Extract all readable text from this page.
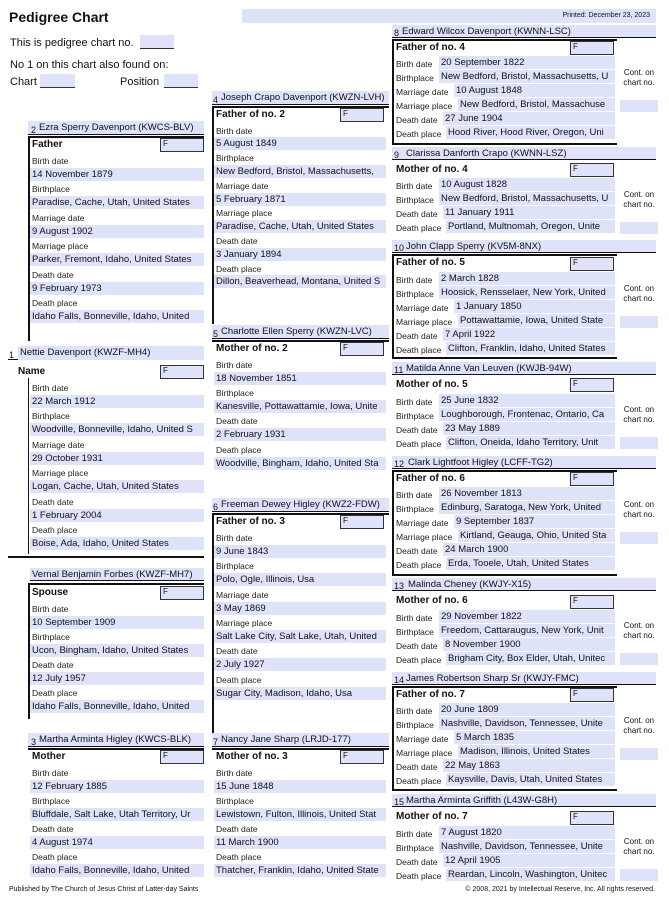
Pedigree Chart	Printed: December 23, 2023
This is pedigree chart no.
No 1 on this chart also found on:
Chart	Position
1 Nettie Davenport (KWZF-MH4)
Name	F
Birth date
22 March 1912
Birthplace
Woodville, Bonneville, Idaho, United S
Marriage date
29 October 1931
Marriage place
Logan, Cache, Utah, United States
Death date
1 February 2004
Death place
Boise, Ada, Idaho, United States
Vernal Benjamin Forbes (KWZF-MH7)
Spouse	F
Birth date
10 September 1909
Birthplace
Ucon, Bingham, Idaho, United States
Death date
12 July 1957
Death place
Idaho Falls, Bonneville, Idaho, United
2 Ezra Sperry Davenport (KWCS-BLV)
Father	F
Birth date
14 November 1879
Birthplace
Paradise, Cache, Utah, United States
Marriage date
9 August 1902
Marriage place
Parker, Fremont, Idaho, United States
Death date
9 February 1973
Death place
Idaho Falls, Bonneville, Idaho, United
3 Martha Arminta Higley (KWCS-BLK)
Mother	F
Birth date
12 February 1885
Birthplace
Bluffdale, Salt Lake, Utah Territory, Ur
Death date
4 August 1974
Death place
Idaho Falls, Bonneville, Idaho, United
4 Joseph Crapo Davenport (KWZN-LVH)
Father of no. 2	F
Birth date
5 August 1849
Birthplace
New Bedford, Bristol, Massachusetts,
Marriage date
5 February 1871
Marriage place
Paradise, Cache, Utah, United States
Death date
3 January 1894
Death place
Dillon, Beaverhead, Montana, United S
5 Charlotte Ellen Sperry (KWZN-LVC)
Mother of no. 2	F
Birth date
18 November 1851
Birthplace
Kanesville, Pottawattamie, Iowa, Unite
Death date
2 February 1931
Death place
Woodville, Bingham, Idaho, United Sta
6 Freeman Dewey Higley (KWZ2-FDW)
Father of no. 3	F
Birth date
9 June 1843
Birthplace
Polo, Ogle, Illinois, Usa
Marriage date
3 May 1869
Marriage place
Salt Lake City, Salt Lake, Utah, United
Death date
2 July 1927
Death place
Sugar City, Madison, Idaho, Usa
7 Nancy Jane Sharp (LRJD-177)
Mother of no. 3	F
Birth date
15 June 1848
Birthplace
Lewistown, Fulton, Illinois, United Stat
Death date
11 March 1900
Death place
Thatcher, Franklin, Idaho, United State
8 Edward Wilcox Davenport (KWNN-LSC)
Father of no. 4	F
Birth date 20 September 1822
Birthplace New Bedford, Bristol, Massachusetts, U
Marriage date 10 August 1848
Marriage place New Bedford, Bristol, Massachuse
Death date 27 June 1904
Death place Hood River, Hood River, Oregon, Uni
Cont. on chart no.
9 Clarissa Danforth Crapo (KWNN-LSZ)
Mother of no. 4	F
Birth date 10 August 1828
Birthplace New Bedford, Bristol, Massachusetts, U
Death date 11 January 1911
Death place Portland, Multnomah, Oregon, Unite
Cont. on chart no.
10 John Clapp Sperry (KV5M-8NX)
Father of no. 5	F
Birth date 2 March 1828
Birthplace Hoosick, Rensselaer, New York, United
Marriage date 1 January 1850
Marriage place Pottawattamie, Iowa, United State
Death date 7 April 1922
Death place Clifton, Franklin, Idaho, United States
Cont. on chart no.
11 Matilda Anne Van Leuven (KWJB-94W)
Mother of no. 5	F
Birth date 25 June 1832
Birthplace Loughborough, Frontenac, Ontario, Ca
Death date 23 May 1889
Death place Clifton, Oneida, Idaho Territory, Unit
Cont. on chart no.
12 Clark Lightfoot Higley (LCFF-TG2)
Father of no. 6	F
Birth date 26 November 1813
Birthplace Edinburg, Saratoga, New York, United
Marriage date 9 September 1837
Marriage place Kirtland, Geauga, Ohio, United Sta
Death date 24 March 1900
Death place Erda, Tooele, Utah, United States
Cont. on chart no.
13 Malinda Cheney (KWJY-X15)
Mother of no. 6	F
Birth date 29 November 1822
Birthplace Freedom, Cattaraugus, New York, Unit
Death date 8 November 1900
Death place Brigham City, Box Elder, Utah, Unitec
Cont. on chart no.
14 James Robertson Sharp Sr (KWJY-FMC)
Father of no. 7	F
Birth date 20 June 1809
Birthplace Nashville, Davidson, Tennessee, Unite
Marriage date 5 March 1835
Marriage place Madison, Illinois, United States
Death date 22 May 1863
Death place Kaysville, Davis, Utah, United States
Cont. on chart no.
15 Martha Arminta Griffith (L43W-G8H)
Mother of no. 7	F
Birth date 7 August 1820
Birthplace Nashville, Davidson, Tennessee, Unite
Death date 12 April 1905
Death place Reardan, Lincoln, Washington, Unitec
Cont. on chart no.
Published by The Church of Jesus Christ of Latter-day Saints	© 2008, 2021 by Intellectual Reserve, Inc. All rights reserved.
